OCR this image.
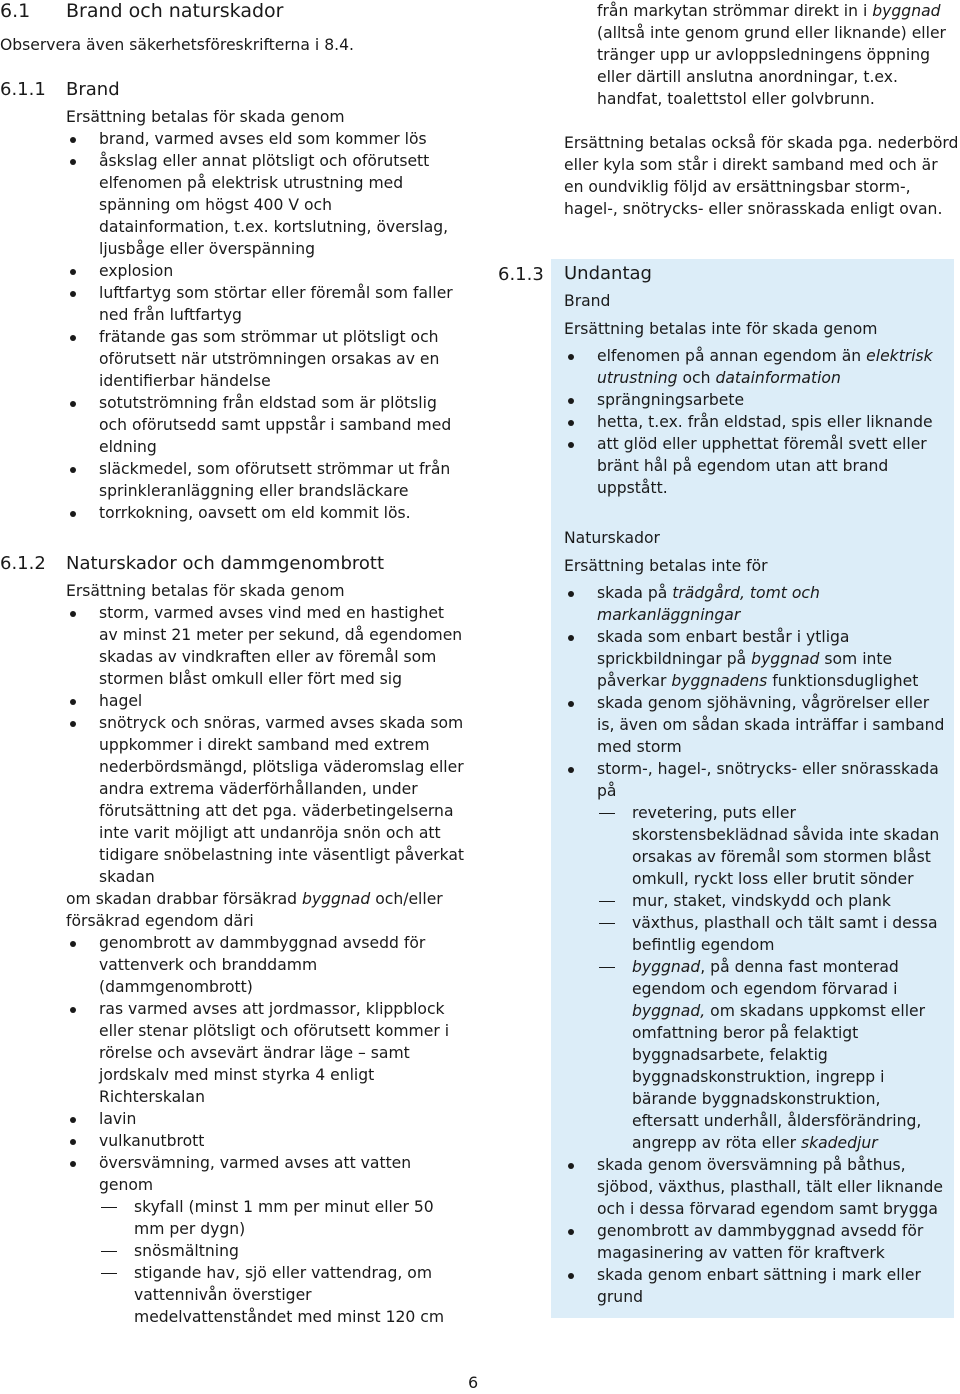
6.1	Brand och naturskador

Observera även säkerhetsföreskrifterna i 8.4.

6.1.1	Brand

Ersättning betalas för skada genom

brand, varmed avses eld som kommer lös
åskslag eller annat plötsligt och oförutsett elfenomen på elektrisk utrustning med spänning om högst 400 V och datainformation, t.ex. kortslutning, överslag, ljusbåge eller överspänning
explosion
luftfartyg som störtar eller föremål som faller ned från luftfartyg
frätande gas som strömmar ut plötsligt och oförutsett när utströmningen orsakas av en identifierbar händelse
sotutströmning från eldstad som är plötslig och oförutsedd samt uppstår i samband med eldning
släckmedel, som oförutsett strömmar ut från sprinkleranläggning eller brandsläckare
torrkokning, oavsett om eld kommit lös.
6.1.2	Naturskador och dammgenombrott

Ersättning betalas för skada genom

storm, varmed avses vind med en hastighet av minst 21 meter per sekund, då egendomen skadas av vindkraften eller av föremål som stormen blåst omkull eller fört med sig
hagel
snötryck och snöras, varmed avses skada som uppkommer i direkt samband med extrem nederbördsmängd, plötsliga väderomslag eller andra extrema väderförhållanden, under förutsättning att det pga. väderbetingelserna inte varit möjligt att undanröja snön och att tidigare snöbelastning inte väsentligt påverkat skadan

om skadan drabbar försäkrad byggnad och/eller försäkrad egendom däri

genombrott av dammbyggnad avsedd för vattenverk och branddamm (dammgenombrott)
ras varmed avses att jordmassor, klippblock eller stenar plötsligt och oförutsett kommer i rörelse och avsevärt ändrar läge – samt jordskalv med minst styrka 4 enligt Richterskalan
lavin
vulkanutbrott
översvämning, varmed avses att vatten genom
skyfall (minst 1 mm per minut eller 50 mm per dygn)
snösmältning
stigande hav, sjö eller vattendrag, om vattennivån överstiger medelvattenståndet med minst 120 cm

från markytan strömmar direkt in i byggnad (alltså inte genom grund eller liknande) eller tränger upp ur avloppsledningens öppning eller därtill anslutna anordningar, t.ex. handfat, toalettstol eller golvbrunn.

Ersättning betalas också för skada pga. nederbörd eller kyla som står i direkt samband med och är en oundviklig följd av ersättningsbar storm-, hagel-, snötrycks- eller snörasskada enligt ovan.

6.1.3	Undantag

Brand

Ersättning betalas inte för skada genom

elfenomen på annan egendom än elektrisk utrustning och datainformation
sprängningsarbete
hetta, t.ex. från eldstad, spis eller liknande
att glöd eller upphettat föremål svett eller bränt hål på egendom utan att brand uppstått.

Naturskador

Ersättning betalas inte för

skada på trädgård, tomt och markanläggningar
skada som enbart består i ytliga sprickbildningar på byggnad som inte påverkar byggnadens funktionsduglighet
skada genom sjöhävning, vågrörelser eller is, även om sådan skada inträffar i samband med storm
storm-, hagel-, snötrycks- eller snörasskada på
revetering, puts eller skorstensbeklädnad såvida inte skadan orsakas av föremål som stormen blåst omkull, ryckt loss eller brutit sönder
mur, staket, vindskydd och plank
växthus, plasthall och tält samt i dessa befintlig egendom
byggnad, på denna fast monterad egendom och egendom förvarad i byggnad, om skadans uppkomst eller omfattning beror på felaktigt byggnadsarbete, felaktig byggnadskonstruktion, ingrepp i bärande byggnadskonstruktion, eftersatt underhåll, åldersförändring, angrepp av röta eller skadedjur
skada genom översvämning på båthus, sjöbod, växthus, plasthall, tält eller liknande och i dessa förvarad egendom samt brygga
genombrott av dammbyggnad avsedd för magasinering av vatten för kraftverk
skada genom enbart sättning i mark eller grund
6
